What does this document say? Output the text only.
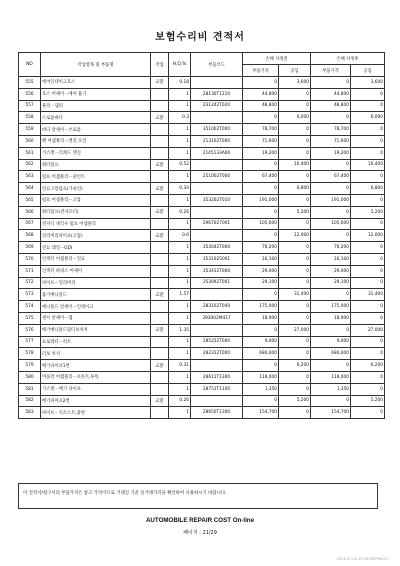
보험수리비 견적서
NO	작업항목 및 부품명	작업	H,Q,%	부품코드	손해 사정전		손해 사정후	
					부품가격	공임	부품가격	공임
555	에어인테이크호스	교환	0.18		0	3,600	0	3,600
556	호스 어세이－에어 흡기		1	28130T1210	44,800	0	44,800	0
557	풀리－댐퍼		1	231242T020	48,800	0	48,800	0
558	스로틀바디	교환	0.3		0	6,000	0	6,000
559	바디 앗세이－쓰로틀		1	351002T000	78,700	0	78,700	0
560	팬 어셈블리－엔진 오일		1	213102T000	71,600	0	71,600	0
561	가스켓－리케드 엔진		1	2145133A00	19,200	0	19,200	0
562	워터펌프	교환	0.52		0	10,400	0	10,400
563	펌프 어셈블리－쿨런트		1	251002T000	67,400	0	67,400	0
564	연료고압펌프(가솔린)	교환	0.34		0	6,800	0	6,800
565	펌프 어셈블리－고압		1	353202T010	191,000	0	191,000	0
566	워터펌프(전자모터)	교환	0.26		0	5,200	0	5,200
567	전자식 냉각수 펌프 어셈블리		1	2967027001	105,600	0	105,600	0
568	딜리버리파이프(고압)	교환	0.6		0	12,000	0	12,000
569	연료 레일－GDI		1	353042T000	76,200	0	76,200	0
570	인젝터 어셈블리－연료		1	3531025001	16,100	0	16,100	0
571	인젝터 하네스 어세이		1	353412T000	29,000	0	29,000	0
572	파이프－딜리버리		1	353092T001	29,100	0	29,100	0
573	흡기매니폴드	교환	1.57		0	31,400	0	31,400
574	매니폴드 앗세이－인테이크		1	283102T000	175,000	0	175,000	0
575	센서 앗세이－맵		1	393002M417	18,900	0	18,900	0
576	배기매니폴드및터보차저	교환	1.35		0	27,000	0	27,000
577	프로텍터－히트		1	285252T000	9,000	0	9,000	0
578	터보 차저		1	282312T000	684,000	0	684,000	0
579	배기파이프1번	교환	0.31		0	6,200	0	6,200
580	머플러 어셈블리－프론트,투톡		1	28611T1300	118,000	0	118,000	0
581	가스켓－배기 파이프		1	28751T1100	1,350	0	1,350	0
582	배기파이프2번	교환	0.26		0	5,200	0	5,200
583	파이프－익조스트,중앙		1	28650T1300	154,700	0	154,700	0
이 견적서/청구서의 부품가격은 참고 가격이므로 거래일 기준 실거래가격을 확인하여 사용하시기 바랍니다.
AUTOMOBILE REPAIR COST On-line
페이지 : 21/29
2024-07-24 15:34:58 PYS017
